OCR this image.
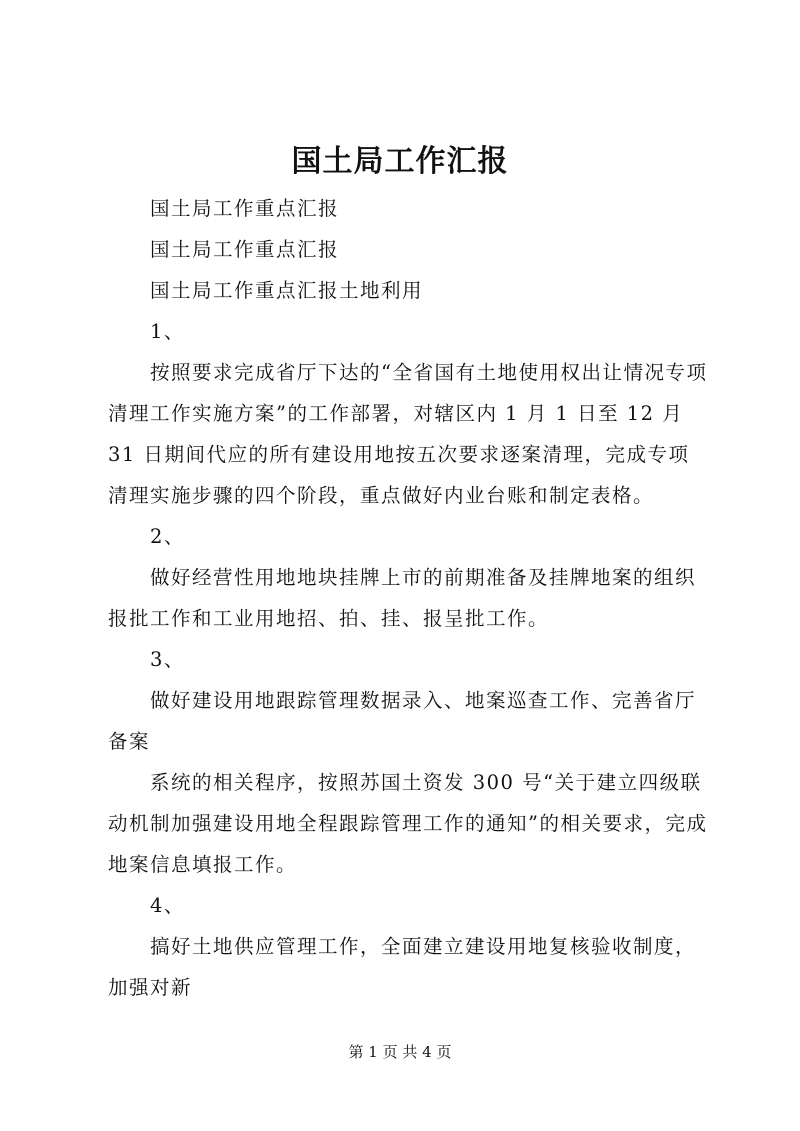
国土局工作汇报

国土局工作重点汇报

国土局工作重点汇报

国土局工作重点汇报土地利用

1、

按照要求完成省厅下达的“全省国有土地使用权出让情况专项清理工作实施方案”的工作部署，对辖区内 1 月 1 日至 12 月 31 日期间代应的所有建设用地按五次要求逐案清理，完成专项清理实施步骤的四个阶段，重点做好内业台账和制定表格。

2、

做好经营性用地地块挂牌上市的前期准备及挂牌地案的组织报批工作和工业用地招、拍、挂、报呈批工作。

3、

做好建设用地跟踪管理数据录入、地案巡查工作、完善省厅备案

系统的相关程序，按照苏国土资发 300 号“关于建立四级联动机制加强建设用地全程跟踪管理工作的通知”的相关要求，完成地案信息填报工作。

4、

搞好土地供应管理工作，全面建立建设用地复核验收制度，加强对新

第 1 页 共 4 页
